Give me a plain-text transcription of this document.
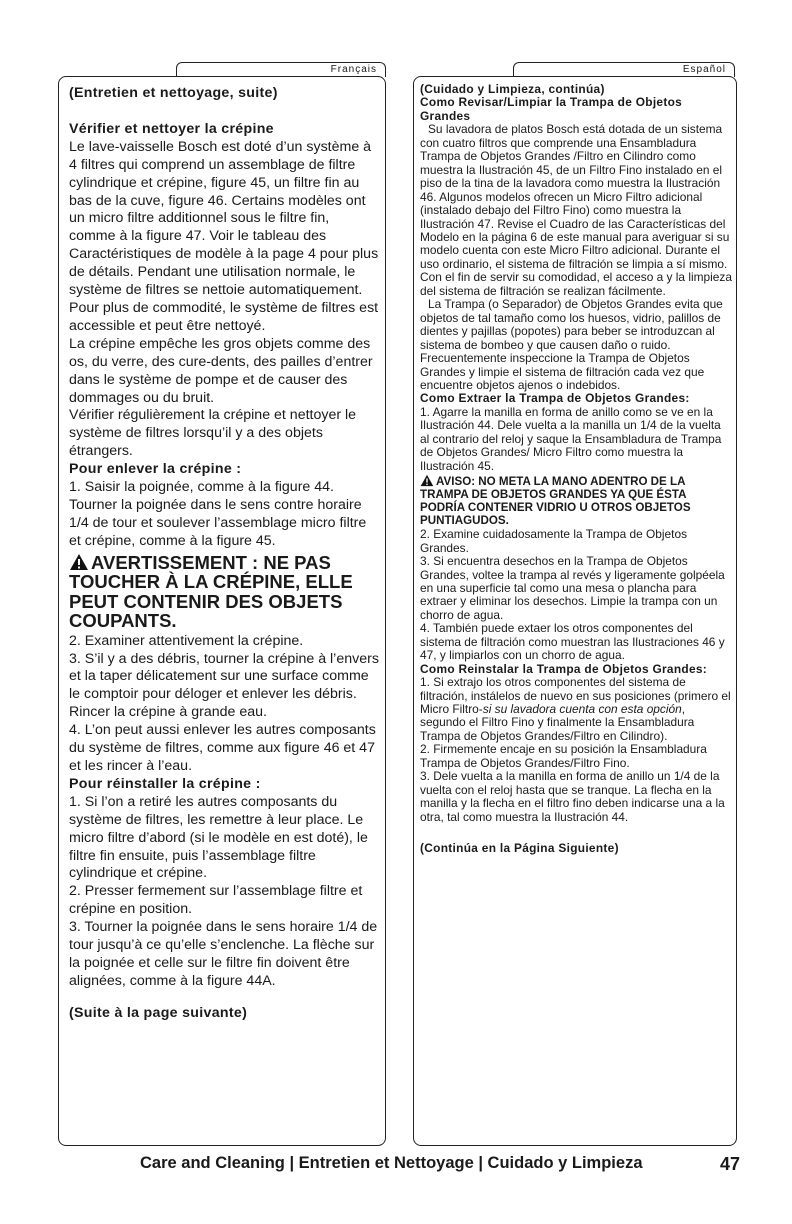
Français	Español

(Entretien et nettoyage, suite)

Vérifier et nettoyer la crépine

Le lave-vaisselle Bosch est doté d’un système à 4 filtres qui comprend un assemblage de filtre cylindrique et crépine, figure 45, un filtre fin au bas de la cuve, figure 46. Certains modèles ont un micro filtre additionnel sous le filtre fin, comme à la figure 47. Voir le tableau des Caractéristiques de modèle à la page 4 pour plus de détails. Pendant une utilisation normale, le système de filtres se nettoie automatiquement. Pour plus de commodité, le système de filtres est accessible et peut être nettoyé.

La crépine empêche les gros objets comme des os, du verre, des cure-dents, des pailles d’entrer dans le système de pompe et de causer des dommages ou du bruit.

Vérifier régulièrement la crépine et nettoyer le système de filtres lorsqu’il y a des objets étrangers.

Pour enlever la crépine :

1. Saisir la poignée, comme à la figure 44. Tourner la poignée dans le sens contre horaire 1/4 de tour et soulever l’assemblage micro filtre et crépine, comme à la figure 45.

AVERTISSEMENT : NE PAS TOUCHER À LA CRÉPINE, ELLE PEUT CONTENIR DES OBJETS COUPANTS.

2. Examiner attentivement la crépine.

3. S’il y a des débris, tourner la crépine à l’envers et la taper délicatement sur une surface comme le comptoir pour déloger et enlever les débris. Rincer la crépine à grande eau.

4. L’on peut aussi enlever les autres composants du système de filtres, comme aux figure 46 et 47 et les rincer à l’eau.

Pour réinstaller la crépine :

1. Si l’on a retiré les autres composants du système de filtres, les remettre à leur place. Le micro filtre d’abord (si le modèle en est doté), le filtre fin ensuite, puis l’assemblage filtre cylindrique et crépine.

2. Presser fermement sur l’assemblage filtre et crépine en position.

3. Tourner la poignée dans le sens horaire 1/4 de tour jusqu’à ce qu’elle s’enclenche. La flèche sur la poignée et celle sur le filtre fin doivent être alignées, comme à la figure 44A.

(Suite à la page suivante)

(Cuidado y Limpieza, continúa)

Como Revisar/Limpiar la Trampa de Objetos Grandes

Su lavadora de platos Bosch está dotada de un sistema con cuatro filtros que comprende una Ensambladura Trampa de Objetos Grandes /Filtro en Cilindro como muestra la Ilustración 45, de un Filtro Fino instalado en el piso de la tina de la lavadora como muestra la Ilustración 46. Algunos modelos ofrecen un Micro Filtro adicional (instalado debajo del Filtro Fino) como muestra la Ilustración 47. Revise el Cuadro de las Características del Modelo en la página 6 de este manual para averiguar si su modelo cuenta con este Micro Filtro adicional. Durante el uso ordinario, el sistema de filtración se limpia a sí mismo. Con el fin de servir su comodidad, el acceso a y la limpieza del sistema de filtración se realizan fácilmente.

La Trampa (o Separador) de Objetos Grandes evita que objetos de tal tamaño como los huesos, vidrio, palillos de dientes y pajillas (popotes) para beber se introduzcan al sistema de bombeo y que causen daño o ruido. Frecuentemente inspeccione la Trampa de Objetos Grandes y limpie el sistema de filtración cada vez que encuentre objetos ajenos o indebidos.

Como Extraer la Trampa de Objetos Grandes:

1. Agarre la manilla en forma de anillo como se ve en la Ilustración 44. Dele vuelta a la manilla un 1/4 de la vuelta al contrario del reloj y saque la Ensambladura de Trampa de Objetos Grandes/ Micro Filtro como muestra la Ilustración 45.

AVISO: NO META LA MANO ADENTRO DE LA TRAMPA DE OBJETOS GRANDES YA QUE ÉSTA PODRÍA CONTENER VIDRIO U OTROS OBJETOS PUNTIAGUDOS.

2. Examine cuidadosamente la Trampa de Objetos Grandes.

3. Si encuentra desechos en la Trampa de Objetos Grandes, voltee la trampa al revés y ligeramente golpéela en una superficie tal como una mesa o plancha para extraer y eliminar los desechos. Limpie la trampa con un chorro de agua.

4. También puede extaer los otros componentes del sistema de filtración como muestran las Ilustraciones 46 y 47, y limpiarlos con un chorro de agua.

Como Reinstalar la Trampa de Objetos Grandes:

1. Si extrajo los otros componentes del sistema de filtración, instálelos de nuevo en sus posiciones (primero el Micro Filtro-si su lavadora cuenta con esta opción, segundo el Filtro Fino y finalmente la Ensambladura Trampa de Objetos Grandes/Filtro en Cilindro).

2. Firmemente encaje en su posición la Ensambladura Trampa de Objetos Grandes/Filtro Fino.

3. Dele vuelta a la manilla en forma de anillo un 1/4 de la vuelta con el reloj hasta que se tranque. La flecha en la manilla y la flecha en el filtro fino deben indicarse una a la otra, tal como muestra la Ilustración 44.

(Continúa en la Página Siguiente)

Care and Cleaning | Entretien et Nettoyage | Cuidado y Limpieza	47
